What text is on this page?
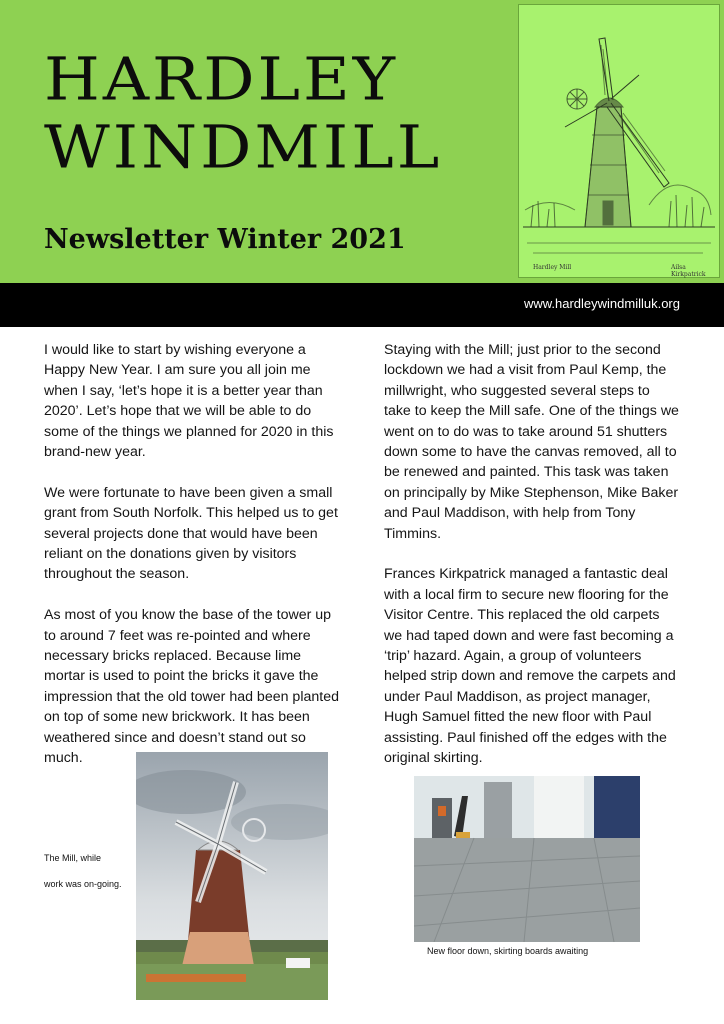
HARDLEY
WINDMILL
Newsletter Winter 2021
Hardley Mill	Ailsa Kirkpatrick
www.hardleywindmilluk.org

I would like to start by wishing everyone a Happy New Year. I am sure you all join me when I say, ‘let’s hope it is a better year than 2020’. Let’s hope that we will be able to do some of the things we planned for 2020 in this brand-new year.

We were fortunate to have been given a small grant from South Norfolk. This helped us to get several projects done that would have been reliant on the donations given by visitors throughout the season.

As most of you know the base of the tower up to around 7 feet was re-pointed and where necessary bricks replaced. Because lime mortar is used to point the bricks it gave the impression that the old tower had been planted on top of some new brickwork. It has been weathered since and doesn’t stand out so much.

Staying with the Mill; just prior to the second lockdown we had a visit from Paul Kemp, the millwright, who suggested several steps to take to keep the Mill safe. One of the things we went on to do was to take around 51 shutters down some to have the canvas removed, all to be renewed and painted. This task was taken on principally by Mike Stephenson, Mike Baker and Paul Maddison, with help from Tony Timmins.

Frances Kirkpatrick managed a fantastic deal with a local firm to secure new flooring for the Visitor Centre. This replaced the old carpets we had taped down and were fast becoming a ‘trip’ hazard. Again, a group of volunteers helped strip down and remove the carpets and under Paul Maddison, as project manager, Hugh Samuel fitted the new floor with Paul assisting. Paul finished off the edges with the original skirting.

The Mill, while
work was on-going.
New floor down, skirting boards awaiting
